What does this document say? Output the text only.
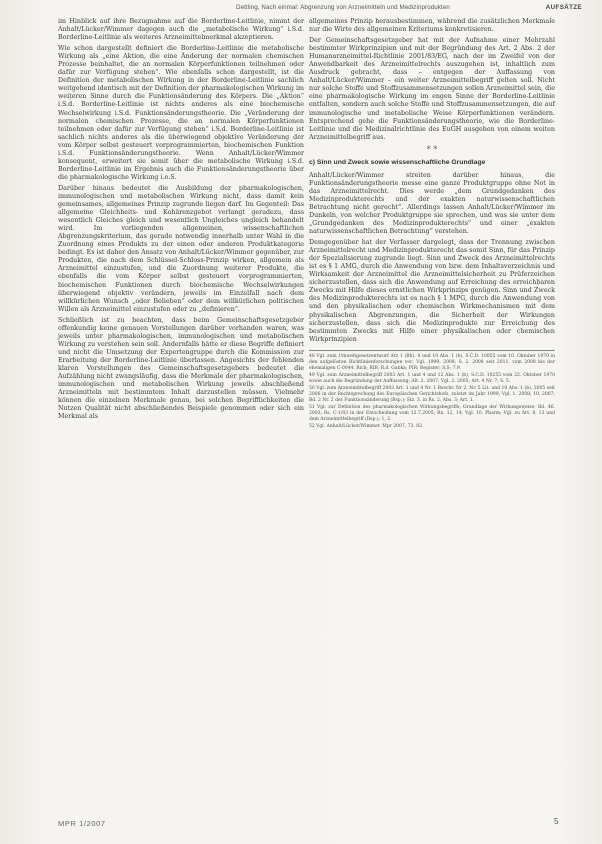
Dettling, Nach einmal: Abgrenzung von Arzneimitteln und Medizinprodukten	AUFSÄTZE

im Hinblick auf ihre Bezugnahme auf die Borderline-Leitlinie, nimmt der Anhalt/Lücker/Wimmer dagegen auch die „metabolische Wirkung“ i.S.d. Borderline-Leitlinie als weiteres Arzneimittelmerkmal akzeptieren.

Wie schon dargestellt definiert die Borderline-Leitlinie die metabolische Wirkung als „eine Aktion, die eine Änderung der normalen chemischen Prozesse beinhaltet, die an normalen Körperfunktionen teilnehmen oder dafür zur Verfügung stehen“. Wie ebenfalls schon dargestellt, ist die Definition der metabolischen Wirkung in der Borderline-Leitlinie sachlich weitgehend identisch mit der Definition der pharmakologischen Wirkung im weiteren Sinne durch die Funktionsänderung des Körpers. Die „Aktion“ i.S.d. Borderline-Leitlinie ist nichts anderes als eine biochemische Wechselwirkung i.S.d. Funktionsänderungstheorie. Die „Veränderung der normalen chemischen Prozesse, die an normalen Körperfunktionen teilnehmen oder dafür zur Verfügung stehen“ i.S.d. Borderline-Leitlinie ist sachlich nichts anderes als die überwiegend objektive Veränderung der vom Körper selbst gesteuert vorprogrammierten, biochemischen Funktion i.S.d. Funktionsänderungstheorie. Wenn Anhalt/Lücker/Wimmer konsequent, erweitert sie somit über die metabolische Wirkung i.S.d. Borderline-Leitlinie im Ergebnis auch die Funktionsänderungstheorie über die pharmakologische Wirkung i.e.S.

Darüber hinaus bedeutet die Ausbildung der pharmakologischen, immunologischen und metabolischen Wirkung nicht, dass damit kein gemeinsames, allgemeines Prinzip zugrunde liegen darf. Im Gegenteil: Das allgemeine Gleichheits- und Kohärenzgebot verlangt geradezu, dass wesentlich Gleiches gleich und wesentlich Ungleiches ungleich behandelt wird. Im vorliegenden allgemeinen, wissenschaftlichen Abgrenzungskriterium, das gerade notwendig innerhalb unter Wahl in die Zuordnung eines Produkts zu der einen oder anderen Produktkategorie bedingt. Es ist daher den Ansatz von Anhalt/Lücker/Wimmer gegenüber, zur Produkten, die nach dem Schlüssel-Schloss-Prinzip wirken, allgemein als Arzneimittel einzustufen, und die Zuordnung weiterer Produkte, die ebenfalls die vom Körper selbst gesteuert vorprogrammierten, biochemischen Funktionen durch biochemische Wechselwirkungen überwiegend objektiv verändern, jeweils im Einzelfall nach dem willkürlichen Wunsch „oder Belieben“ oder dem willkürlichen politischen Willen als Arzneimittel einzustufen oder zu „definieren“.

Schließlich ist zu beachten, dass beim Gemeinschaftsgesetzgeber offenkundig keine genauen Vorstellungen darüber vorhanden waren, was jeweils unter pharmakologischen, immunologischen und metabolischen Wirkung zu verstehen sein soll. Andernfalls hätte er diese Begriffe definiert und nicht die Umsetzung der Expertengruppe durch die Kommission zur Erarbeitung der Borderline-Leitlinie überlassen. Angesichts der fehlenden klaren Vorstellungen des Gemeinschaftsgesetzgebers bedeutet die Aufzählung nicht zwangsläufig, dass die Merkmale der pharmakologischen, immunologischen und metabolischen Wirkung jeweils abschließend Arzneimitteln mit bestimmtem Inhalt darzustellen müssen. Vielmehr können die einzelnen Merkmale genau, bei solchen Begrifflichkeiten die Nutzen Qualität nicht abschließendes Beispiele genommen oder sich ein Merkmal als

allgemeines Prinzip herausbestimmen, während die zusätzlichen Merkmale nur die Wirte des allgemeinen Kriteriums konkretisieren.

Der Gemeinschaftsgesetzgeber hat mit der Aufnahme einer Mehrzahl bestimmter Wirkprinzipien und mit der Begründung des Art. 2 Abs. 2 der Humanarzneimittel-Richtlinie 2001/83/EG, nach der im Zweifel von der Anwendbarkeit des Arzneimittelrechts auszugehen ist, inhaltlich zum Ausdruck gebracht, dass – entgegen der Auffassung von Anhalt/Lücker/Wimmer – ein weiter Arzneimittelbegriff gelten soll. Nicht nur solche Stoffe und Stoffzusammensetzungen sollen Arzneimittel sein, die eine pharmakologische Wirkung im engen Sinne der Borderline-Leitlinie entfalten, sondern auch solche Stoffe und Stoffzusammensetzungen, die auf immunologische und metabolische Weise Körperfunktionen verändern. Entsprechend gehe die Funktionsänderungstheorie, wie die Borderline-Leitlinie und die Medizinalrichtlinie des EuGH ausgehen von einem weiten Arzneimittelbegriff aus.

* *
c) Sinn und Zweck sowie wissenschaftliche Grundlage

Anhalt/Lücker/Wimmer streiten darüber hinaus, die Funktionsänderungstheorie messe eine ganze Produktgruppe ohne Not in das Arzneimittelrecht. Dies werde „dem Grundgedanken des Medizinprodukterechts und der exakten naturwissenschaftlichen Betrachtung nicht gerecht“. Allerdings lassen Anhalt/Lücker/Wimmer im Dunkeln, von welcher Produktgruppe sie sprechen, und was sie unter dem „Grundgedanken des Medizinprodukterechts“ und einer „exakten naturwissenschaftlichen Betrachtung“ verstehen.

Demgegenüber hat der Verfasser dargelegt, dass der Trennung zwischen Arzneimittelrecht und Medizinprodukterecht das somit Sinn, für das Prinzip der Spezialisierung zugrunde liegt. Sinn und Zweck des Arzneimittelrechts ist es § 1 AMG, durch die Anwendung von bzw. dem Inhaltsverzeichnis und Wirksamkeit der Arzneimittel die Arzneimittelsicherheit zu Prüferzeichen sicherzustellen, dass sich die Anwendung auf Erreichung des erreichbaren Zwecks mit Hilfe dieses ernstlichen Wirkprinzips genügen. Sinn und Zweck des Medizinprodukterechts ist es nach § 1 MPG, durch die Anwendung von und den physikalischen oder chemischen Wirkmechanismen mit dem physikalischen Abgrenzungen, die Sicherheit der Wirkungen sicherzustellen, dass sich die Medizinprodukte zur Erreichung des bestimmten Zwecks mit Hilfe einer physikalischen oder chemischen Wirkprinzipien

48 Vgl. zum Umweltgesetzentwurf Arz 1 (Bh). 4 und 10 Abs. 1 (b), S.C.D. 10055 vom 10. Oktober 1970 in den aufgelösten Richtlinienforschungen vor; Vgl. 1999, 2008; S. 2. 2008 seit 2011. vom 2008 bis der ehemaligen C-0044. Rich; RIB, R.d. Gabka; PIR; Register; S.S; 7.9.
49 Vgl. zum Arzneimittelbegriff 2003 Art. 1 und 4 und 12 Abs. 1 (b), S.C.D. 10255 vom 22. Oktober 1970 sowie auch die Begründung der Auffassung; Alt. 2. 2007; Vgl. 2. 2005; Art. 4 Nr. 7; S. 5.
50 Vgl. zum Arzneimittelbegriff 2003 Art. 1 und 4 Nr. 1 Beschr. Nr 2, Nr. 5 Lit. und 10 Abs. 1 (b), 2005 seit 2006 in der Rechtsprechung des Europäischen Gerichtshofs, zuletzt im Jahr 1999; Vgl. 1. 2008; 10. 2007; Bd. 2 Nr. 2 der Funktionsänderung (Bsp.); Stz. 3. in Rs. 2, Abs. 3; Art. 1.
51 Vgl. zur Definition des pharmakologischen Wirkungsbegriffs; Grundlage der Wirkungsweise; Bd. 46. 2003; Rs. C-1/03 in der Entscheidung vom 12.7.2005; Rn. 12, 14; Vgl. 10. Pharm; Vgl. zu Art. 8, 13 und dem Arzneimittelbegriff (Bsp.); 1, 2.
52 Vgl. Anhalt/Lücker/Wimmer, Mpr 2007, 73, 82.
MPR 1/2007	5
